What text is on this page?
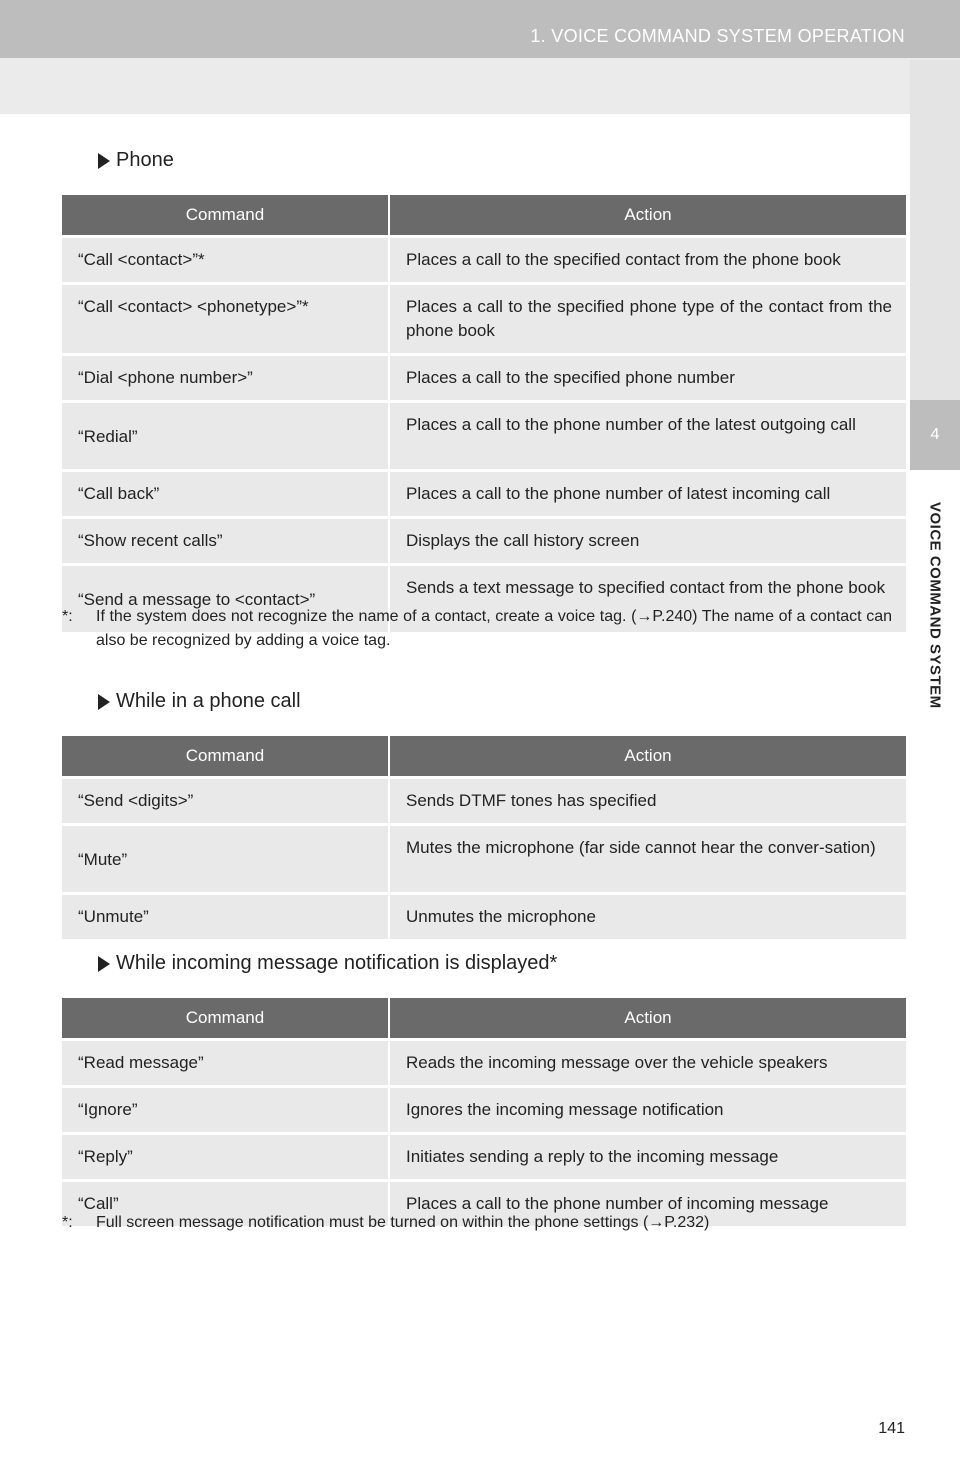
1. VOICE COMMAND SYSTEM OPERATION
4
VOICE COMMAND SYSTEM
Phone
Command	Action
“Call <contact>”*	Places a call to the specified contact from the phone book
“Call <contact> <phonetype>”*	Places a call to the specified phone type of the contact from the phone book
“Dial <phone number>”	Places a call to the specified phone number
“Redial”	Places a call to the phone number of the latest outgoing call
“Call back”	Places a call to the phone number of latest incoming call
“Show recent calls”	Displays the call history screen
“Send a message to <contact>”	Sends a text message to specified contact from the phone book
*:	If the system does not recognize the name of a contact, create a voice tag. (→P.240) The name of a contact can also be recognized by adding a voice tag.
While in a phone call
Command	Action
“Send <digits>”	Sends DTMF tones has specified
“Mute”	Mutes the microphone (far side cannot hear the conver-sation)
“Unmute”	Unmutes the microphone
While incoming message notification is displayed*
Command	Action
“Read message”	Reads the incoming message over the vehicle speakers
“Ignore”	Ignores the incoming message notification
“Reply”	Initiates sending a reply to the incoming message
“Call”	Places a call to the phone number of incoming message
*:	Full screen message notification must be turned on within the phone settings (→P.232)
141
